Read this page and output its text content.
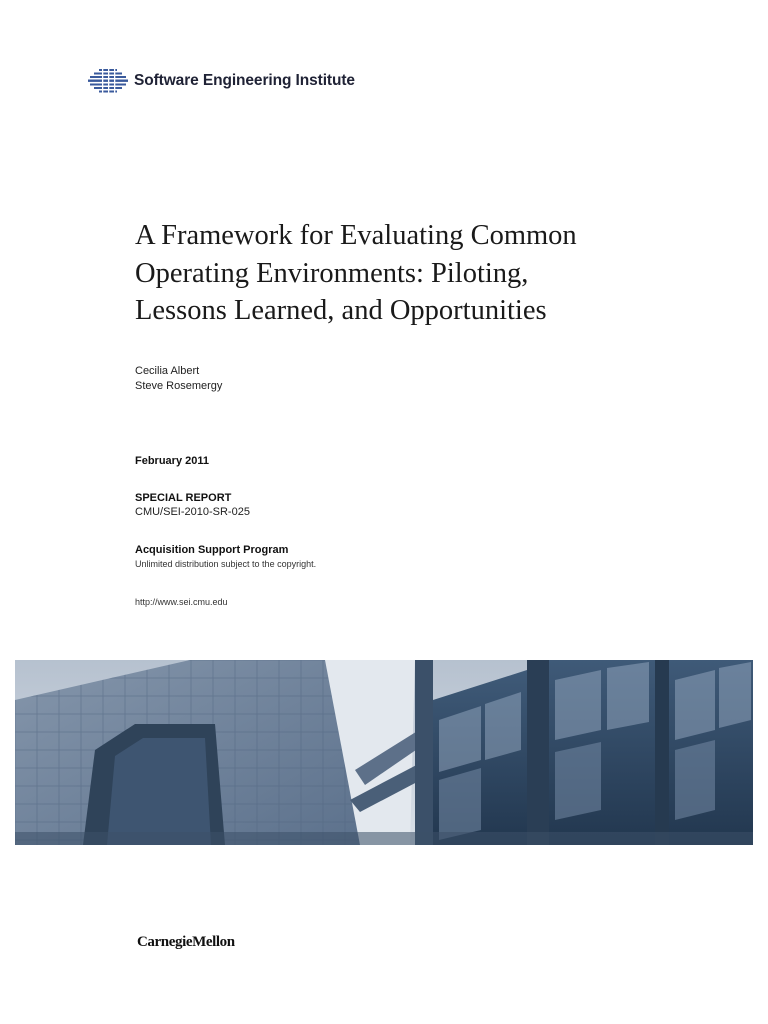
Software Engineering Institute
A Framework for Evaluating Common
Operating Environments: Piloting,
Lessons Learned, and Opportunities
Cecilia Albert
Steve Rosemergy
February 2011
SPECIAL REPORT
CMU/SEI-2010-SR-025
Acquisition Support Program
Unlimited distribution subject to the copyright.
http://www.sei.cmu.edu
CarnegieMellon
